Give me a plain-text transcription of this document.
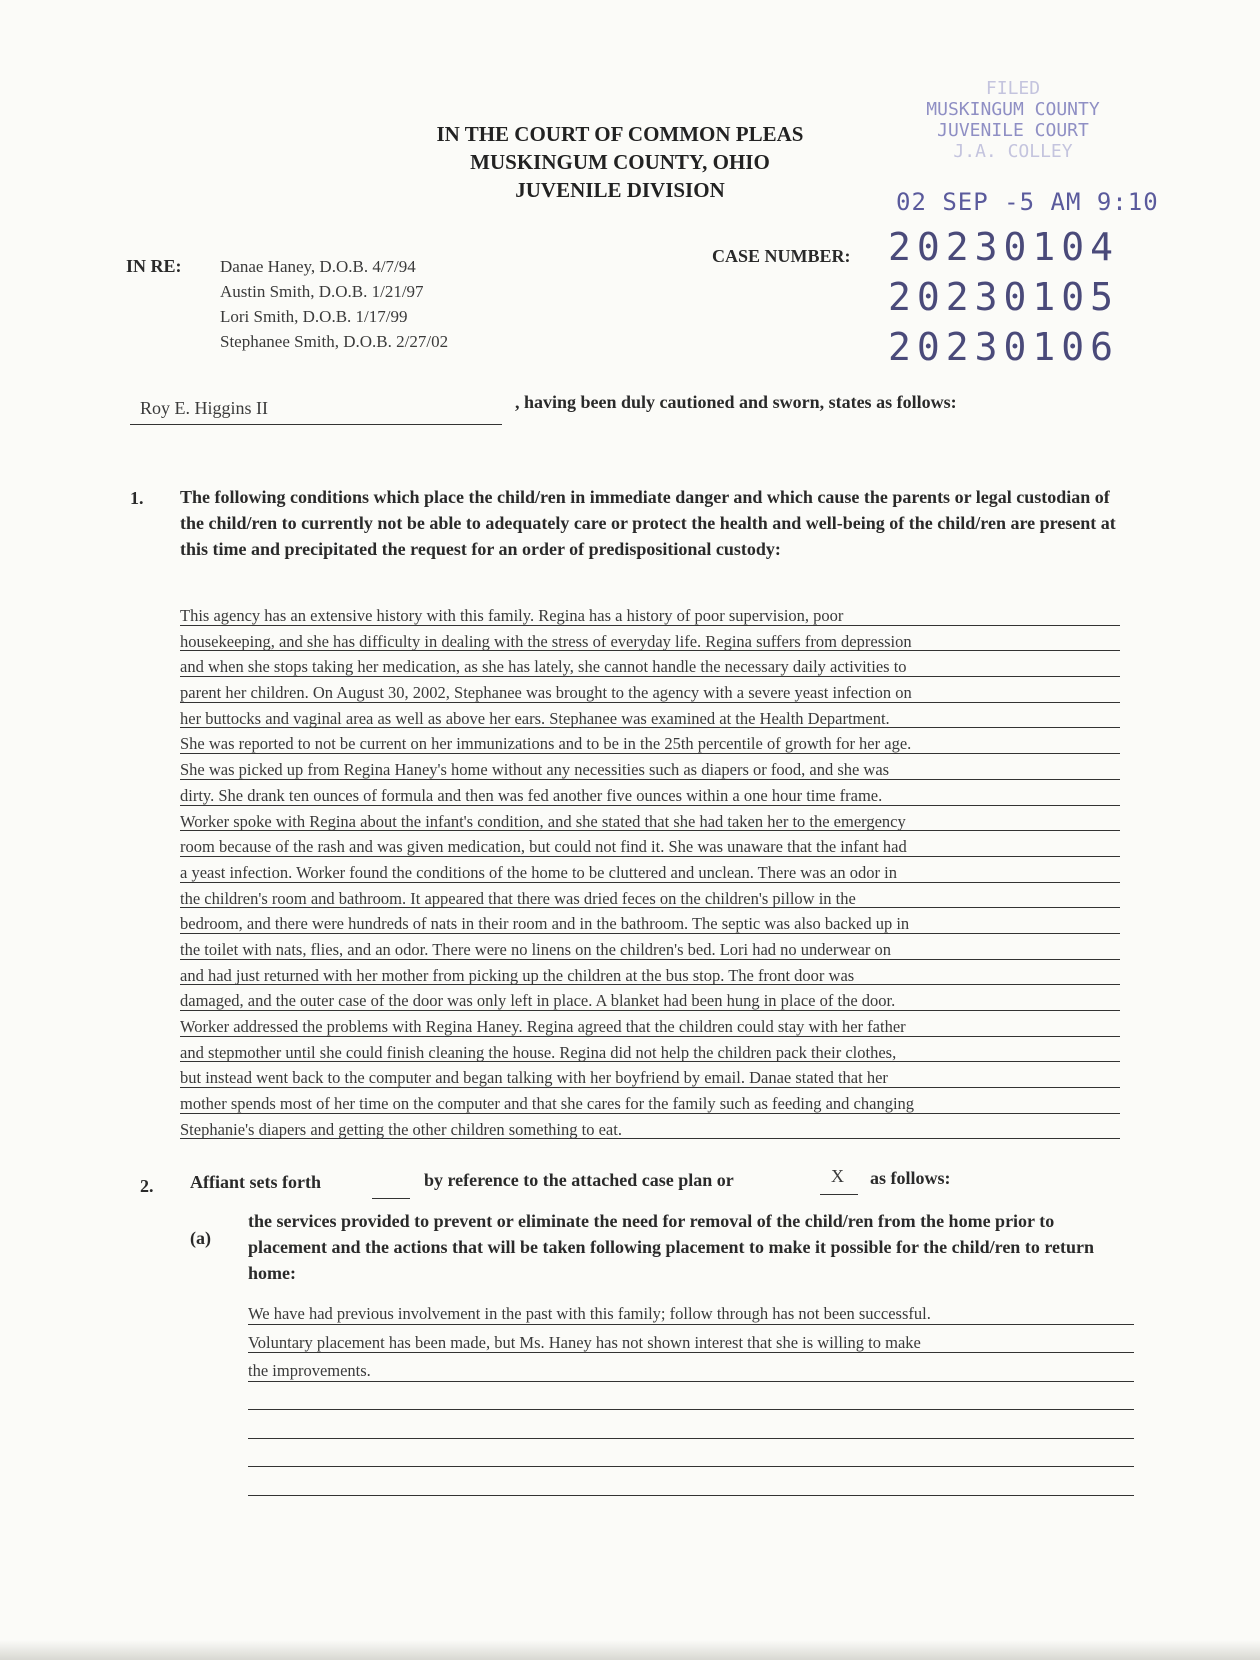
FILED
MUSKINGUM COUNTY
JUVENILE COURT
J.A. COLLEY
02 SEP -5 AM 9:10
IN THE COURT OF COMMON PLEAS
MUSKINGUM COUNTY, OHIO
JUVENILE DIVISION
IN RE: Danae Haney, D.O.B. 4/7/94
Austin Smith, D.O.B. 1/21/97
Lori Smith, D.O.B. 1/17/99
Stephanee Smith, D.O.B. 2/27/02
CASE NUMBER: 20230104
20230105
20230106
Roy E. Higgins II	, having been duly cautioned and sworn, states as follows:
1. The following conditions which place the child/ren in immediate danger and which cause the parents or legal custodian of the child/ren to currently not be able to adequately care or protect the health and well-being of the child/ren are present at this time and precipitated the request for an order of predispositional custody:
This agency has an extensive history with this family. Regina has a history of poor supervision, poor
housekeeping, and she has difficulty in dealing with the stress of everyday life. Regina suffers from depression
and when she stops taking her medication, as she has lately, she cannot handle the necessary daily activities to
parent her children. On August 30, 2002, Stephanee was brought to the agency with a severe yeast infection on
her buttocks and vaginal area as well as above her ears. Stephanee was examined at the Health Department.
She was reported to not be current on her immunizations and to be in the 25th percentile of growth for her age.
She was picked up from Regina Haney's home without any necessities such as diapers or food, and she was
dirty. She drank ten ounces of formula and then was fed another five ounces within a one hour time frame.
Worker spoke with Regina about the infant's condition, and she stated that she had taken her to the emergency
room because of the rash and was given medication, but could not find it. She was unaware that the infant had
a yeast infection. Worker found the conditions of the home to be cluttered and unclean. There was an odor in
the children's room and bathroom. It appeared that there was dried feces on the children's pillow in the
bedroom, and there were hundreds of nats in their room and in the bathroom. The septic was also backed up in
the toilet with nats, flies, and an odor. There were no linens on the children's bed. Lori had no underwear on
and had just returned with her mother from picking up the children at the bus stop. The front door was
damaged, and the outer case of the door was only left in place. A blanket had been hung in place of the door.
Worker addressed the problems with Regina Haney. Regina agreed that the children could stay with her father
and stepmother until she could finish cleaning the house. Regina did not help the children pack their clothes,
but instead went back to the computer and began talking with her boyfriend by email. Danae stated that her
mother spends most of her time on the computer and that she cares for the family such as feeding and changing
Stephanie's diapers and getting the other children something to eat.
2. Affiant sets forth	by reference to the attached case plan or	X as follows:
(a)
the services provided to prevent or eliminate the need for removal of the child/ren from the home prior to placement and the actions that will be taken following placement to make it possible for the child/ren to return home:
We have had previous involvement in the past with this family; follow through has not been successful.
Voluntary placement has been made, but Ms. Haney has not shown interest that she is willing to make
the improvements.
